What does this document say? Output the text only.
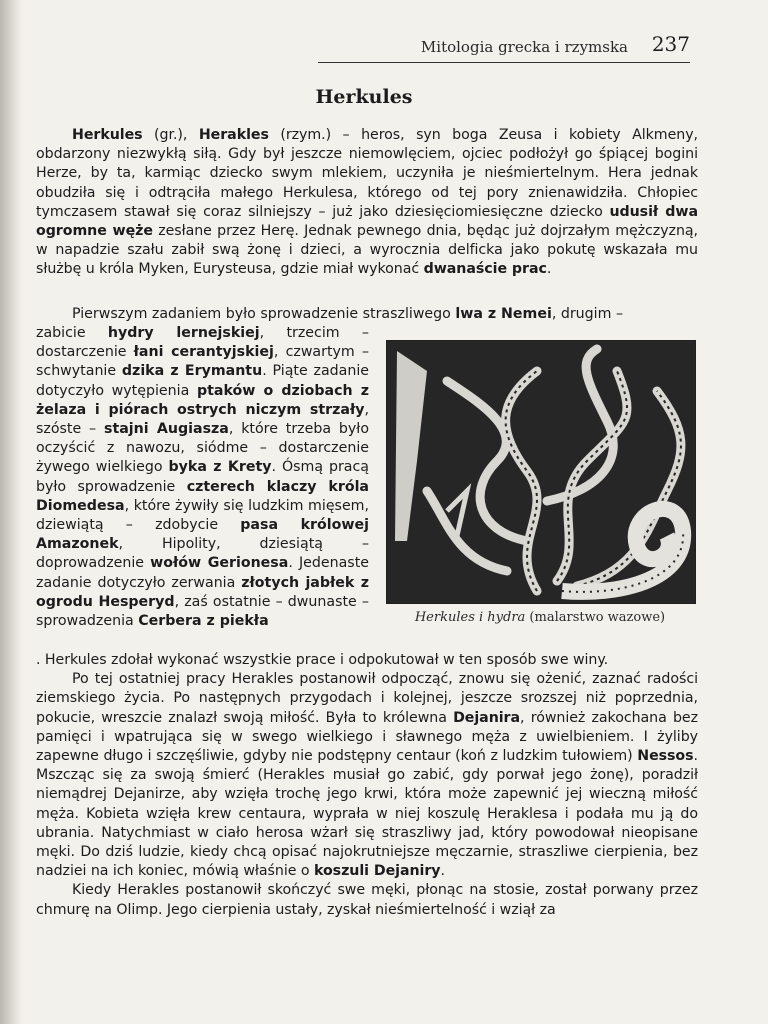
Mitologia grecka i rzymska 237
Herkules

Herkules (gr.), Herakles (rzym.) – heros, syn boga Zeusa i kobiety Alkmeny, obdarzony niezwykłą siłą. Gdy był jeszcze niemowlęciem, ojciec podłożył go śpiącej bogini Herze, by ta, karmiąc dziecko swym mlekiem, uczyniła je nieśmiertelnym. Hera jednak obudziła się i odtrąciła małego Herkulesa, którego od tej pory znienawidziła. Chłopiec tymczasem stawał się coraz silniejszy – już jako dziesięciomiesięczne dziecko udusił dwa ogromne węże zesłane przez Herę. Jednak pewnego dnia, będąc już dojrzałym mężczyzną, w napadzie szału zabił swą żonę i dzieci, a wyrocznia delficka jako pokutę wskazała mu służbę u króla Myken, Eurysteusa, gdzie miał wykonać dwanaście prac.

Pierwszym zadaniem było sprowadzenie straszliwego lwa z Nemei, drugim –

zabicie hydry lernejskiej, trzecim – dostarczenie łani cerantyjskiej, czwartym – schwytanie dzika z Erymantu. Piąte zadanie dotyczyło wytępienia ptaków o dziobach z żelaza i piórach ostrych niczym strzały, szóste – stajni Augiasza, które trzeba było oczyścić z nawozu, siódme – dostarczenie żywego wielkiego byka z Krety. Ósmą pracą było sprowadzenie czterech klaczy króla Diomedesa, które żywiły się ludzkim mięsem, dziewiątą – zdobycie pasa królowej Amazonek, Hipolity, dziesiątą – doprowadzenie wołów Gerionesa. Jedenaste zadanie dotyczyło zerwania złotych jabłek z ogrodu Hesperyd, zaś ostatnie – dwunaste – sprowadzenia Cerbera z piekła	Herkules i hydra (malarstwo wazowe)

. Herkules zdołał wykonać wszystkie prace i odpokutował w ten sposób swe winy.

Po tej ostatniej pracy Herakles postanowił odpocząć, znowu się ożenić, zaznać radości ziemskiego życia. Po następnych przygodach i kolejnej, jeszcze srozszej niż poprzednia, pokucie, wreszcie znalazł swoją miłość. Była to królewna Dejanira, również zakochana bez pamięci i wpatrująca się w swego wielkiego i sławnego męża z uwielbieniem. I żyliby zapewne długo i szczęśliwie, gdyby nie podstępny centaur (koń z ludzkim tułowiem) Nessos. Mszcząc się za swoją śmierć (Herakles musiał go zabić, gdy porwał jego żonę), poradził niemądrej Dejanirze, aby wzięła trochę jego krwi, która może zapewnić jej wieczną miłość męża. Kobieta wzięła krew centaura, wyprała w niej koszulę Heraklesa i podała mu ją do ubrania. Natychmiast w ciało herosa wżarł się straszliwy jad, który powodował nieopisane męki. Do dziś ludzie, kiedy chcą opisać najokrutniejsze męczarnie, straszliwe cierpienia, bez nadziei na ich koniec, mówią właśnie o koszuli Dejaniry.

Kiedy Herakles postanowił skończyć swe męki, płonąc na stosie, został porwany przez chmurę na Olimp. Jego cierpienia ustały, zyskał nieśmiertelność i wziął za
